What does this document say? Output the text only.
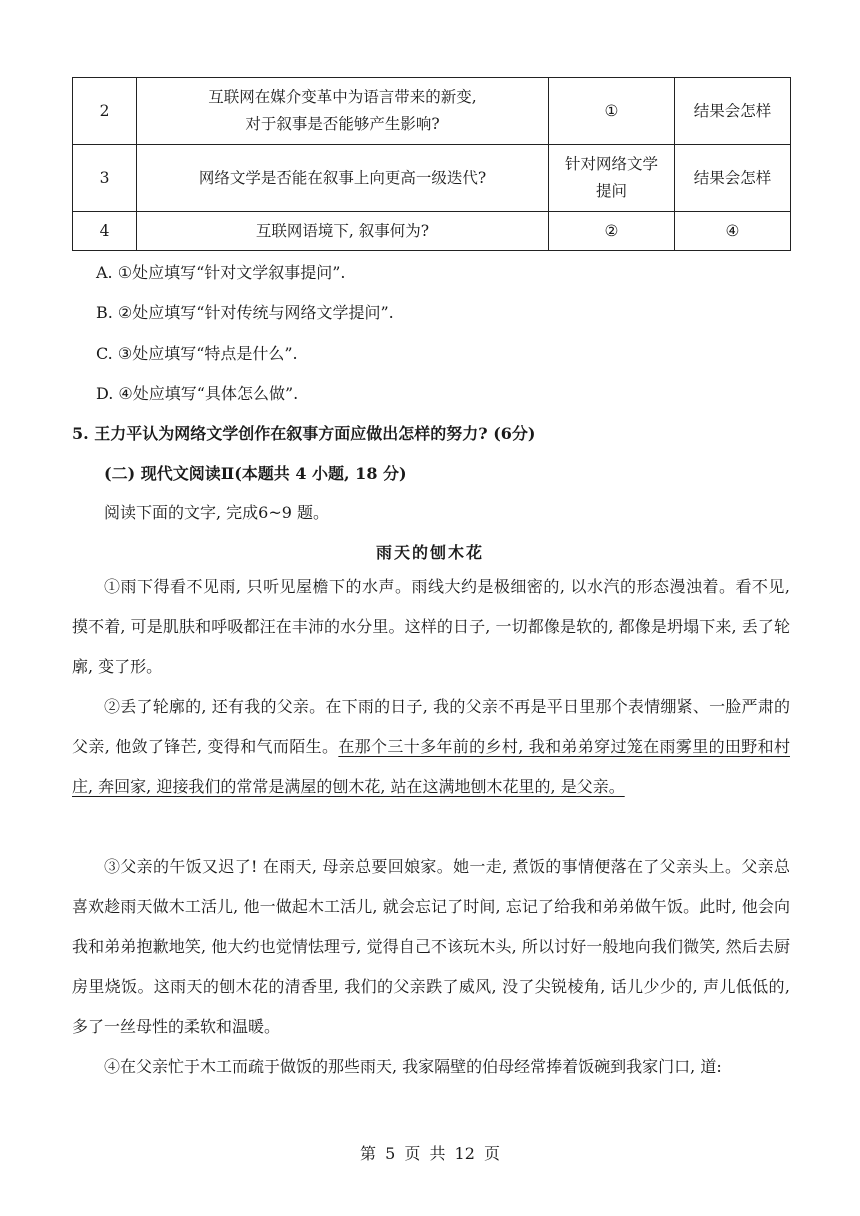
2	互联网在媒介变革中为语言带来的新变,
对于叙事是否能够产生影响?	①	结果会怎样
3	网络文学是否能在叙事上向更高一级迭代?	针对网络文学
提问	结果会怎样
4	互联网语境下, 叙事何为?	②	④
A. ①处应填写“针对文学叙事提问”.
B. ②处应填写“针对传统与网络文学提问”.
C. ③处应填写“特点是什么”.
D. ④处应填写“具体怎么做”.
5. 王力平认为网络文学创作在叙事方面应做出怎样的努力? (6分)
(二) 现代文阅读Ⅱ(本题共 4 小题, 18 分)
阅读下面的文字, 完成6~9 题。
雨天的刨木花
①雨下得看不见雨, 只听见屋檐下的水声。雨线大约是极细密的, 以水汽的形态漫浊着。看不见, 摸不着, 可是肌肤和呼吸都汪在丰沛的水分里。这样的日子, 一切都像是软的, 都像是坍塌下来, 丢了轮廓, 变了形。
②丢了轮廓的, 还有我的父亲。在下雨的日子, 我的父亲不再是平日里那个表情绷紧、一脸严肃的父亲, 他敛了锋芒, 变得和气而陌生。在那个三十多年前的乡村, 我和弟弟穿过笼在雨雾里的田野和村庄, 奔回家, 迎接我们的常常是满屋的刨木花, 站在这满地刨木花里的, 是父亲。
③父亲的午饭又迟了! 在雨天, 母亲总要回娘家。她一走, 煮饭的事情便落在了父亲头上。父亲总喜欢趁雨天做木工活儿, 他一做起木工活儿, 就会忘记了时间, 忘记了给我和弟弟做午饭。此时, 他会向我和弟弟抱歉地笑, 他大约也觉情怯理亏, 觉得自己不该玩木头, 所以讨好一般地向我们微笑, 然后去厨房里烧饭。这雨天的刨木花的清香里, 我们的父亲跌了威风, 没了尖锐棱角, 话儿少少的, 声儿低低的, 多了一丝母性的柔软和温暖。
④在父亲忙于木工而疏于做饭的那些雨天, 我家隔壁的伯母经常捧着饭碗到我家门口, 道:
第 5 页 共 12 页
